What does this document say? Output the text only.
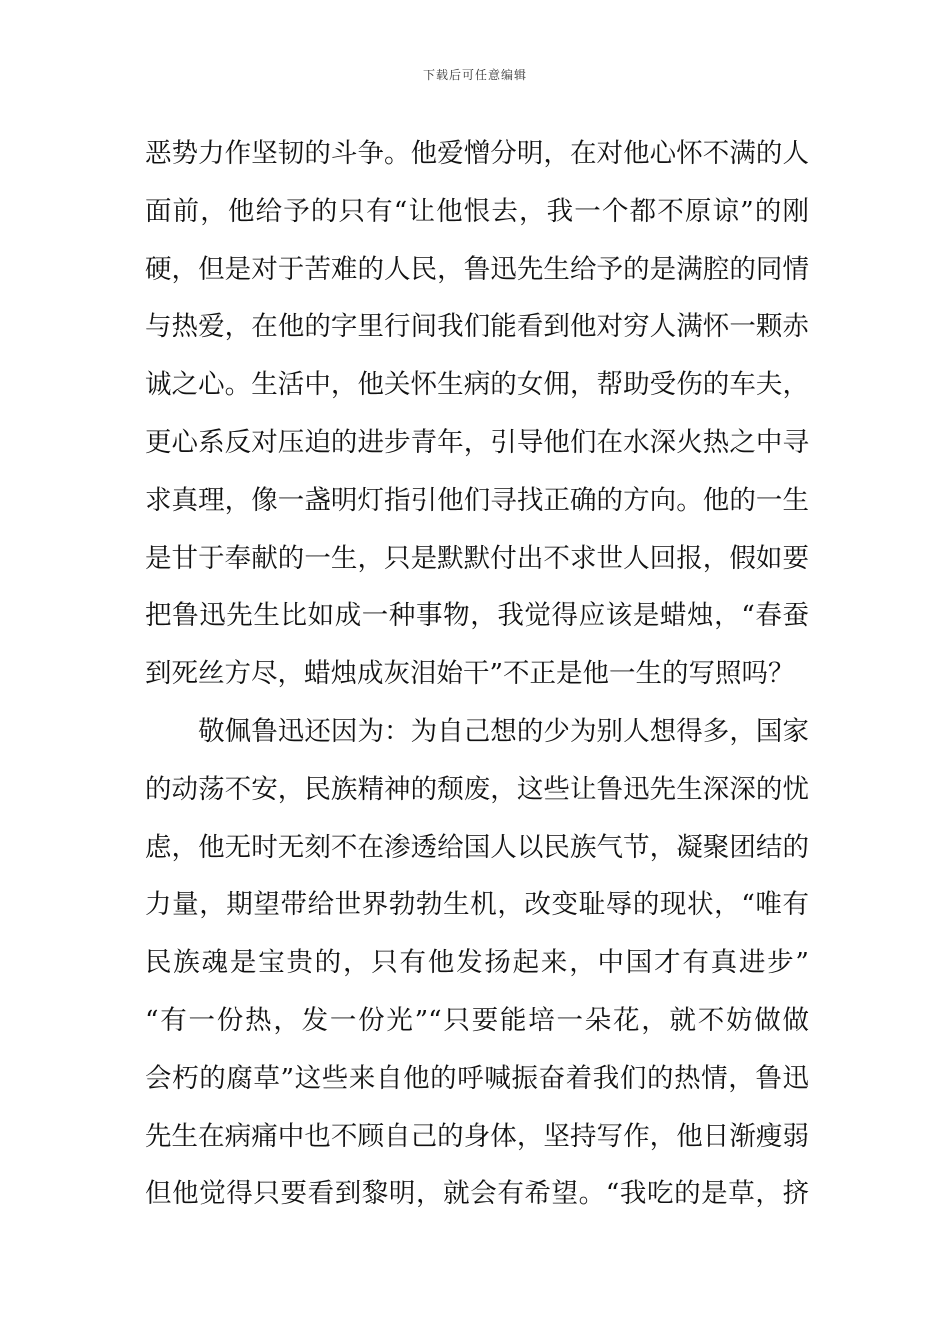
下载后可任意编辑
恶势力作坚韧的斗争。他爱憎分明，在对他心怀不满的人
面前，他给予的只有“让他恨去，我一个都不原谅”的刚
硬，但是对于苦难的人民，鲁迅先生给予的是满腔的同情
与热爱，在他的字里行间我们能看到他对穷人满怀一颗赤
诚之心。生活中，他关怀生病的女佣，帮助受伤的车夫，
更心系反对压迫的进步青年，引导他们在水深火热之中寻
求真理，像一盏明灯指引他们寻找正确的方向。他的一生
是甘于奉献的一生，只是默默付出不求世人回报，假如要
把鲁迅先生比如成一种事物，我觉得应该是蜡烛，“春蚕
到死丝方尽，蜡烛成灰泪始干”不正是他一生的写照吗？
　　敬佩鲁迅还因为：为自己想的少为别人想得多，国家
的动荡不安，民族精神的颓废，这些让鲁迅先生深深的忧
虑，他无时无刻不在渗透给国人以民族气节，凝聚团结的
力量，期望带给世界勃勃生机，改变耻辱的现状，“唯有
民族魂是宝贵的，只有他发扬起来，中国才有真进步”
“有一份热，发一份光”“只要能培一朵花，就不妨做做
会朽的腐草”这些来自他的呼喊振奋着我们的热情，鲁迅
先生在病痛中也不顾自己的身体，坚持写作，他日渐瘦弱
但他觉得只要看到黎明，就会有希望。“我吃的是草，挤
